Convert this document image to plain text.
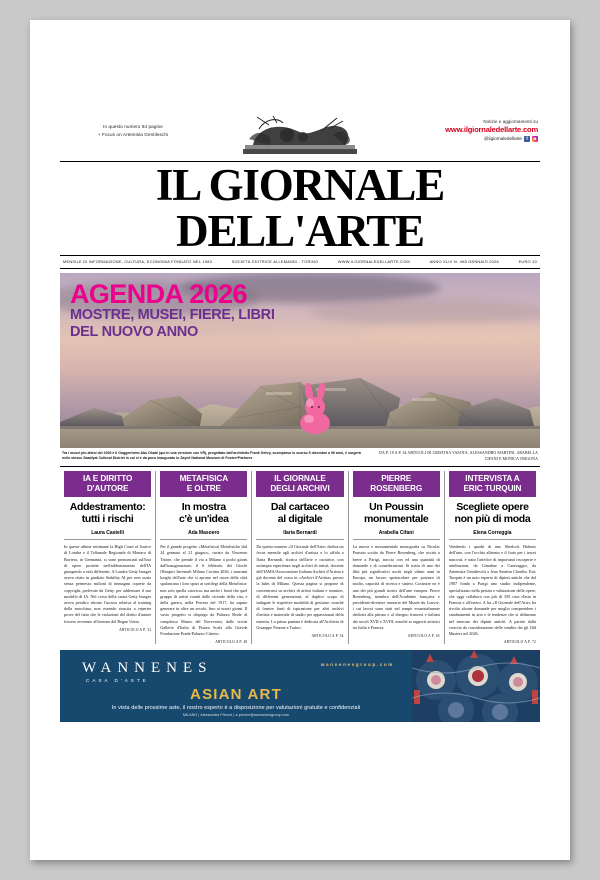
In questo numero 84 pagine
+ Focus on Artemisia Gentileschi
Notizie e aggiornamenti su
www.ilgiornaledellarte.com
@ilgiornaledellarte f	◙
IL GIORNALE DELL'ARTE
MENSILE DI INFORMAZIONE, CULTURA, ECONOMIA FONDATO NEL 1983	SOCIETÀ EDITRICE ALLEMANDI - TORINO	WWW.ILGIORNALEDELLARTE.COM	ANNO XLIV N. 498 GENNAIO 2026	EURO 10
AGENDA 2026
MOSTRE, MUSEI, FIERE, LIBRI
DEL NUOVO ANNO
Tra i musei più attesi del 2026 è il Guggenheim Abu Dhabi (qui in una versione con VR), progettato dall'architetto Frank Gehry, scomparso lo scorso 5 dicembre a 96 anni, è sorgerà nello stesso Saadiyat Cultural District in cui si è da poco inaugurato lo Zayed National Museum di Foster+Partners
DA P. 10 A P. 34 ARTICOLI DI CRISTINA VASOTA, ALESSANDRO MARTINI, ARABELLA CIFANI E MONICA TRIGONA
IA E DIRITTO
D'AUTORE
Addestramento:
tutti i rischi
Laura Castelli
In queste ultime settimane la High Court of Justice di Londra e il Tribunale Regionale di Monaco di Baviera, in Germania, si sono pronunciati sull'uso di opere protette nell'addestramento dell'IA giungendo a esiti differenti. A Londra Getty Images aveva citato in giudizio Stability AI per aver usato senza permesso milioni di immagini coperte da copyright, prelevate da Getty, per addestrare il suo modello di IA. Nel corso della causa Getty Images aveva peraltro ritirato l'accusa relativa al training della macchina, non essendo riuscita a reperire prove del fatto che le violazioni del diritto d'autore fossero avvenute all'interno del Regno Unito.
ARTICOLO A P. 32
METAFISICA
E OLTRE
In mostra
c'è un'idea
Ada Masoero
Per il grande progetto «Metafisica| Metafisiche |dal 24 gennaio al 21 giugno», curato da Vincenzo Trione, che prende il via a Milano a pochi giorni dall'inaugurazione, il 6 febbraio, dei Giochi Olimpici Invernali Milano Cortina 2026, i massimi luoghi dell'arte che si aprono nel cuore della città spalancano i loro spazi ai sortilegi della Metafisica: non solo quella «storica» ma anche i frutti che quel gruppo di artisti riuniti dalle vicende della vita, e della guerra, nella Ferrara del 1917, ha saputo generare in oltre un secolo, fino ai nostri giorni. Il vasto progetto si dispiega da Palazzo Reale al complesso Museo del Novecento, dalle vicine Gallerie d'Italia di Piazza Scala alla Gravde Fondazione Prada-Palazzo Citterio.
ARTICOLO A P. 48
IL GIORNALE
DEGLI ARCHIVI
Dal cartaceo
al digitale
Ilaria Bernardi
Da questo numero «Il Giornale dell'Arte» dedica un focus mensile agli archivi d'artista e lo affida a Ilaria Bernardi, storica dell'arte e curatrice, con un'ampia esperienza negli archivi di artisti, docente dell'IAMA/Associazione Italiana Archivi d'Artista e già docente del corso in «Archivi d'Artista» presso la Iulm di Milano. Questa pagina si propone di concentrarsi su archivi di artisti italiani e stranieri, di differenti generazioni, al duplice scopo di indagare le rispettive modalità di gestione, nonché di fornire fonti di ispirazione per altri archivi d'artista e materiale di studio per appassionati della materia. La prima puntata è dedicata all'Archivio di Giuseppe Penone a Torino.
ARTICOLO A P. 54
PIERRE
ROSENBERG
Un Poussin
monumentale
Arabella Cifani
La nuova e monumentale monografia su Nicolas Poussin scritta da Pierre Rosenberg, che uscirà a breve a Parigi, traccia con ed una quantità di domande e di considerazioni. Si tratta di uno dei libri più significativi usciti negli ultimi anni in Europa, un lavoro spettacolare per potenza di studio, capacità di ricerca e sintesi. Costruire ne è uno dei più grandi storici dell'arte europea. Pierre Rosenberg, membro dell'Académie française e presidente-direttore onorario del Musée du Louvre, i cui lavori sono stati nel tempo essenzialmente dedicati alla pittura e al disegno francesi e italiani dei secoli XVII e XVIII, nonché ai rapporti artistici tra Italia e Francia.
ARTICOLO A P. 65
INTERVISTA A
ERIC TURQUIN
Scegliete opere
non più di moda
Elena Correggia
Vendendo i quadri di uno Sherlock Holmes dell'arte, con l'occhio allenato e il fiuto per i tesori nascosti, è stato l'artefice di importanti riscoperte e attribuzioni, da Cimabue a Caravaggio, da Artemisia Gentileschi a Jean Siméon Chardin. Eric Turquin è un noto esperto di dipinti antichi che dal 1987 fonda a Parigi uno studio indipendente, specializzato nella perizia e valutazione delle opere, che oggi collabora con più di 350 case d'asta in Francia e all'estero. A lui «Il Giornale dell'Arte» ha rivolto alcune domande per meglio comprendere i cambiamenti in atto e le tendenze che si delineano nel mercato dei dipinti antichi. A partire dalla crescita da considerazione delle vendite dei gli Old Masters nel 2026.
ARTICOLO A P. 72
WANNENES
CASA D'ASTE
wannenesgroup.com
ASIAN ART
In vista delle prossime aste, il nostro esperto è a disposizione per valutazioni gratuite e confidenziali
MILANO | Alessandra Pieroni | a.pieroni@wannenesgroup.com
